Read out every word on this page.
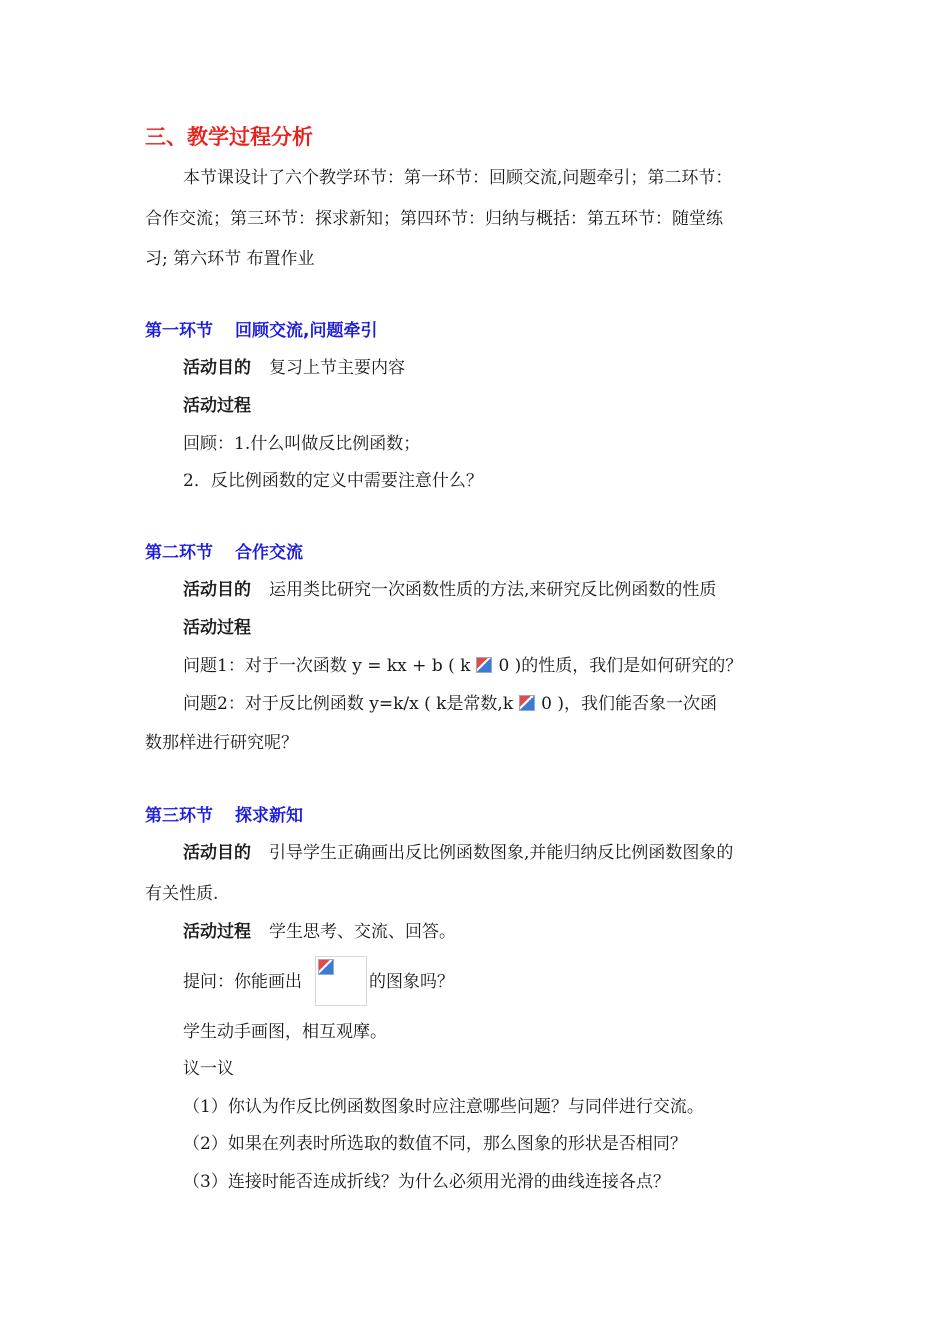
三、教学过程分析
本节课设计了六个教学环节：第一环节：回顾交流,问题牵引；第二环节：
合作交流；第三环节：探求新知；第四环节：归纳与概括：第五环节：随堂练
习; 第六环节 布置作业
第一环节 回顾交流,问题牵引
活动目的 复习上节主要内容
活动过程
回顾：1.什么叫做反比例函数；
2．反比例函数的定义中需要注意什么？
第二环节 合作交流
活动目的 运用类比研究一次函数性质的方法,来研究反比例函数的性质
活动过程
问题1：对于一次函数 y = kx + b ( k 0 )的性质，我们是如何研究的？
问题2：对于反比例函数 y=k/x ( k是常数,k 0 )，我们能否象一次函
数那样进行研究呢？
第三环节 探求新知
活动目的 引导学生正确画出反比例函数图象,并能归纳反比例函数图象的
有关性质.
活动过程 学生思考、交流、回答。
提问：你能画出	的图象吗？
学生动手画图，相互观摩。
议一议
（1）你认为作反比例函数图象时应注意哪些问题？与同伴进行交流。
（2）如果在列表时所选取的数值不同，那么图象的形状是否相同？
（3）连接时能否连成折线？为什么必须用光滑的曲线连接各点？
